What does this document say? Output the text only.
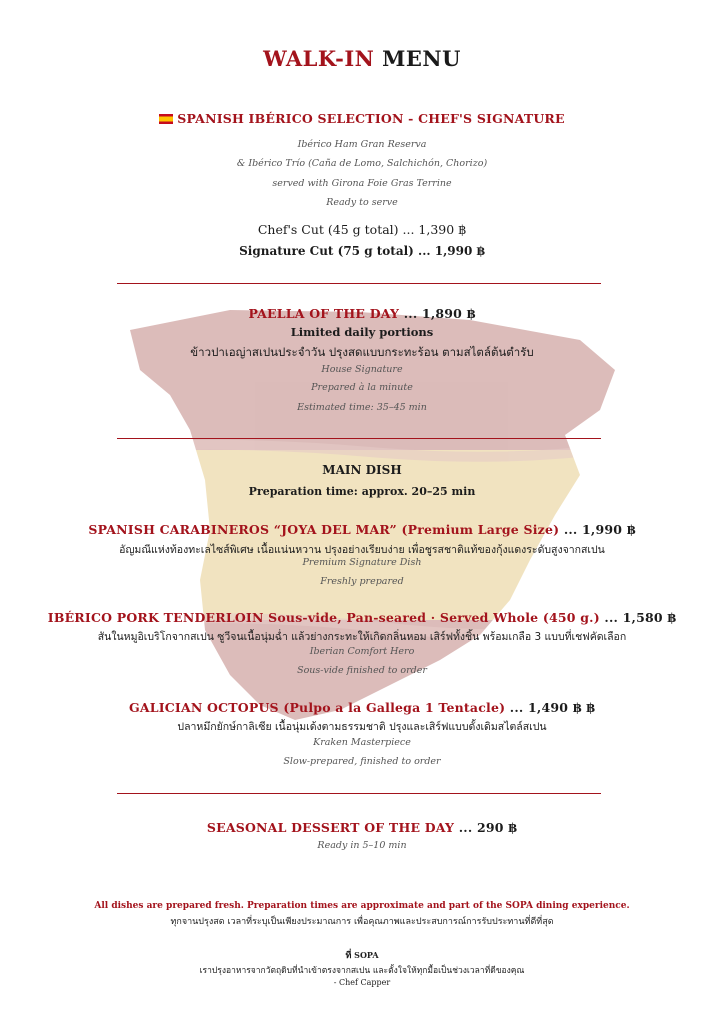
WALK-IN MENU
SPANISH IBÉRICO SELECTION - CHEF'S SIGNATURE
Ibérico Ham Gran Reserva
& Ibérico Trío (Caña de Lomo, Salchichón, Chorizo)
served with Girona Foie Gras Terrine
Ready to serve
Chef's Cut (45 g total) ... 1,390 ฿
Signature Cut (75 g total) ... 1,990 ฿
PAELLA OF THE DAY ... 1,890 ฿
Limited daily portions
ข้าวปาเอญ่าสเปนประจำวัน ปรุงสดแบบกระทะร้อน ตามสไตล์ต้นตำรับ
House Signature
Prepared à la minute
Estimated time: 35–45 min
MAIN DISH
Preparation time: approx. 20–25 min
SPANISH CARABINEROS “JOYA DEL MAR” (Premium Large Size) ... 1,990 ฿
อัญมณีแห่งท้องทะเลไซส์พิเศษ เนื้อแน่นหวาน ปรุงอย่างเรียบง่าย เพื่อชูรสชาติแท้ของกุ้งแดงระดับสูงจากสเปน
Premium Signature Dish
Freshly prepared
IBÉRICO PORK TENDERLOIN Sous-vide, Pan-seared · Served Whole (450 g.) ... 1,580 ฿
สันในหมูอิเบริโกจากสเปน ซูวีจนเนื้อนุ่มฉ่ำ แล้วย่างกระทะให้เกิดกลิ่นหอม เสิร์ฟทั้งชิ้น พร้อมเกลือ 3 แบบที่เชฟคัดเลือก
Iberian Comfort Hero
Sous-vide finished to order
GALICIAN OCTOPUS (Pulpo a la Gallega 1 Tentacle) ... 1,490 ฿ ฿
ปลาหมึกยักษ์กาลิเซีย เนื้อนุ่มเด้งตามธรรมชาติ ปรุงและเสิร์ฟแบบดั้งเดิมสไตล์สเปน
Kraken Masterpiece
Slow-prepared, finished to order
SEASONAL DESSERT OF THE DAY ... 290 ฿
Ready in 5–10 min
All dishes are prepared fresh. Preparation times are approximate and part of the SOPA dining experience.
ทุกจานปรุงสด เวลาที่ระบุเป็นเพียงประมาณการ เพื่อคุณภาพและประสบการณ์การรับประทานที่ดีที่สุด
ที่ SOPA
เราปรุงอาหารจากวัตถุดิบที่นำเข้าตรงจากสเปน และตั้งใจให้ทุกมื้อเป็นช่วงเวลาที่ดีของคุณ
- Chef Capper
